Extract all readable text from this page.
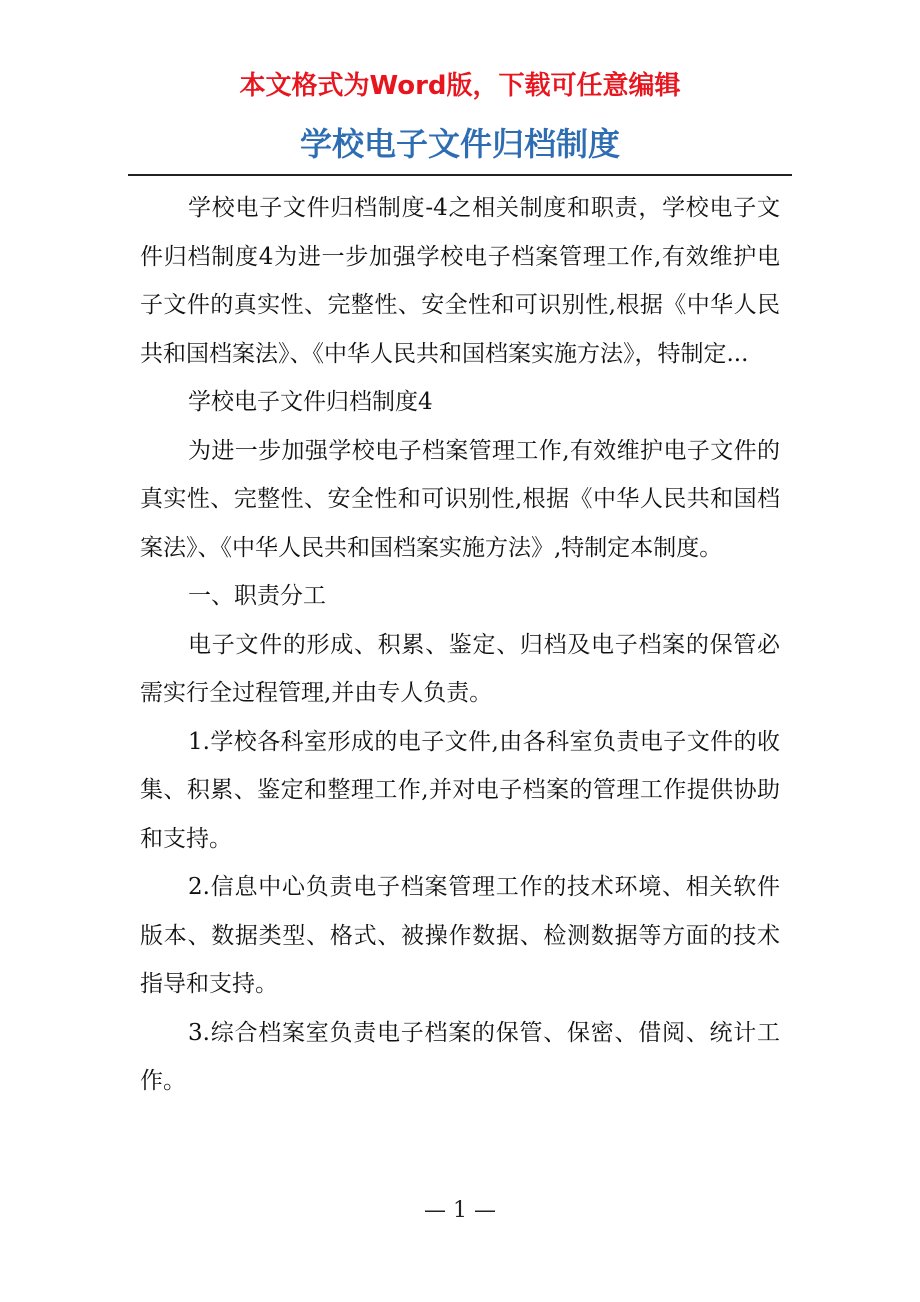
本文格式为Word版，下载可任意编辑
学校电子文件归档制度

学校电子文件归档制度-4之相关制度和职责，学校电子文件归档制度4为进一步加强学校电子档案管理工作,有效维护电子文件的真实性、完整性、安全性和可识别性,根据《中华人民共和国档案法》、《中华人民共和国档案实施方法》，特制定...

学校电子文件归档制度4

为进一步加强学校电子档案管理工作,有效维护电子文件的真实性、完整性、安全性和可识别性,根据《中华人民共和国档案法》、《中华人民共和国档案实施方法》,特制定本制度。

一、职责分工

电子文件的形成、积累、鉴定、归档及电子档案的保管必需实行全过程管理,并由专人负责。

1.学校各科室形成的电子文件,由各科室负责电子文件的收集、积累、鉴定和整理工作,并对电子档案的管理工作提供协助和支持。

2.信息中心负责电子档案管理工作的技术环境、相关软件版本、数据类型、格式、被操作数据、检测数据等方面的技术指导和支持。

3.综合档案室负责电子档案的保管、保密、借阅、统计工作。

— 1 —
